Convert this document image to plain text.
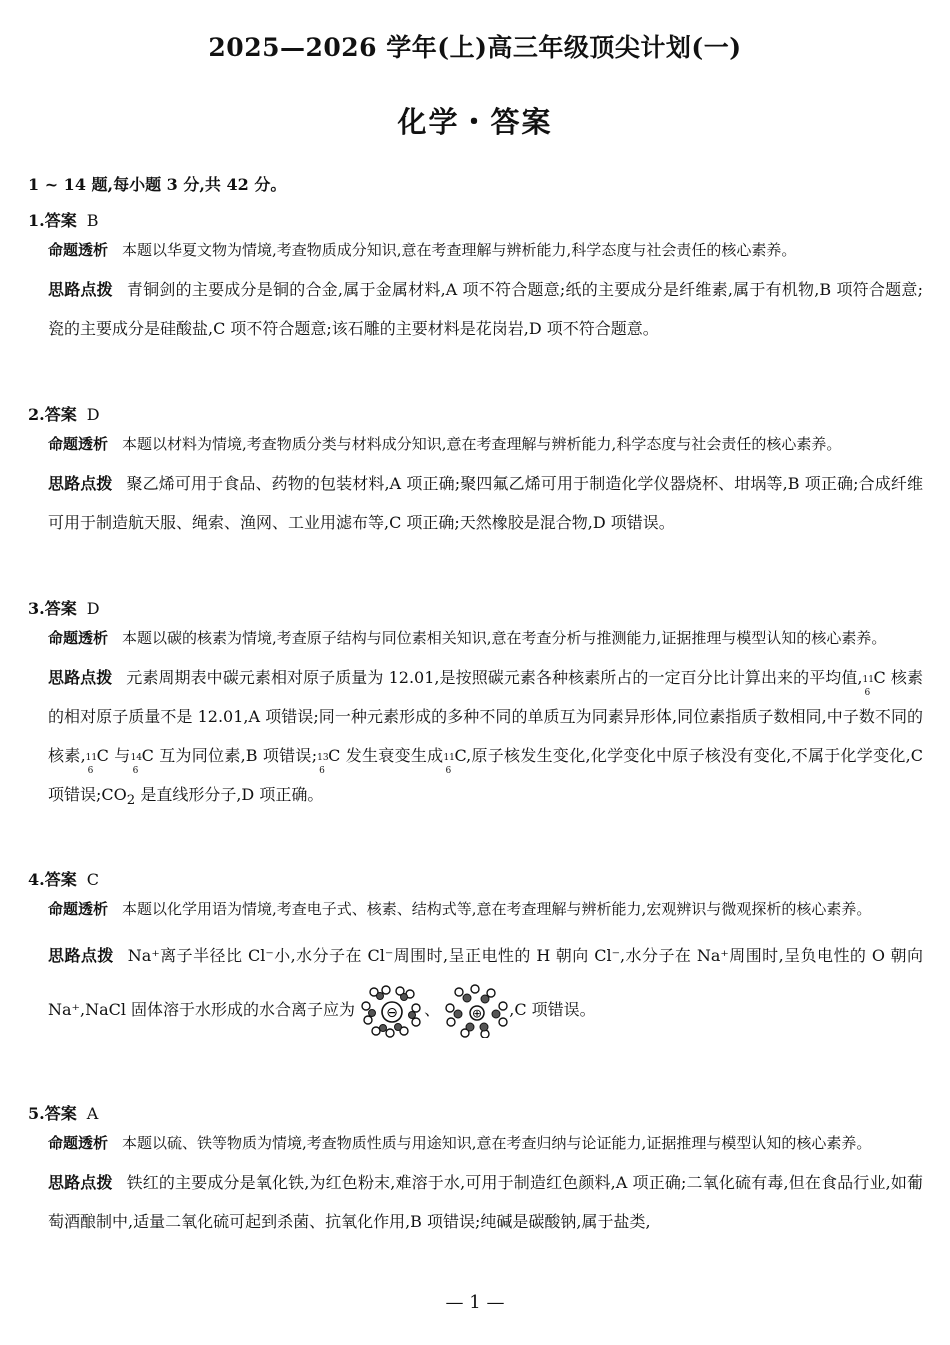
2025—2026 学年(上)高三年级顶尖计划(一)
化学・答案
1 ~ 14 题,每小题 3 分,共 42 分。
1.答案 B
命题透析 本题以华夏文物为情境,考查物质成分知识,意在考查理解与辨析能力,科学态度与社会责任的核心素养。
思路点拨 青铜剑的主要成分是铜的合金,属于金属材料,A 项不符合题意;纸的主要成分是纤维素,属于有机物,B 项符合题意;瓷的主要成分是硅酸盐,C 项不符合题意;该石雕的主要材料是花岗岩,D 项不符合题意。
2.答案 D
命题透析 本题以材料为情境,考查物质分类与材料成分知识,意在考查理解与辨析能力,科学态度与社会责任的核心素养。
思路点拨 聚乙烯可用于食品、药物的包装材料,A 项正确;聚四氟乙烯可用于制造化学仪器烧杯、坩埚等,B 项正确;合成纤维可用于制造航天服、绳索、渔网、工业用滤布等,C 项正确;天然橡胶是混合物,D 项错误。
3.答案 D
命题透析 本题以碳的核素为情境,考查原子结构与同位素相关知识,意在考查分析与推测能力,证据推理与模型认知的核心素养。
思路点拨 元素周期表中碳元素相对原子质量为 12.01,是按照碳元素各种核素所占的一定百分比计算出来的平均值, 11
6
C 核素的相对原子质量不是 12.01,A 项错误;同一种元素形成的多种不同的单质互为同素异形体,同位素指质子数相同,中子数不同的核素, 11
6
C 与 14
6
C 互为同位素,B 项错误; 13
6
C 发生衰变生成 11
6
C,原子核发生变化,化学变化中原子核没有变化,不属于化学变化,C 项错误$;CO_2$ 是直线形分子,D 项正确。
4.答案 C
命题透析 本题以化学用语为情境,考查电子式、核素、结构式等,意在考查理解与辨析能力,宏观辨识与微观探析的核心素养。
思路点拨 Na⁺离子半径比 Cl⁻小,水分子在 Cl⁻周围时,呈正电性的 H 朝向 Cl⁻,水分子在 Na⁺周围时,呈负电性的 O 朝向 Na⁺,NaCl 固体溶于水形成的水合离子应为 ⊖ 、	⊕ ,C 项错误。
5.答案 A
命题透析 本题以硫、铁等物质为情境,考查物质性质与用途知识,意在考查归纳与论证能力,证据推理与模型认知的核心素养。
思路点拨 铁红的主要成分是氧化铁,为红色粉末,难溶于水,可用于制造红色颜料,A 项正确;二氧化硫有毒,但在食品行业,如葡萄酒酿制中,适量二氧化硫可起到杀菌、抗氧化作用,B 项错误;纯碱是碳酸钠,属于盐类,
— 1 —
